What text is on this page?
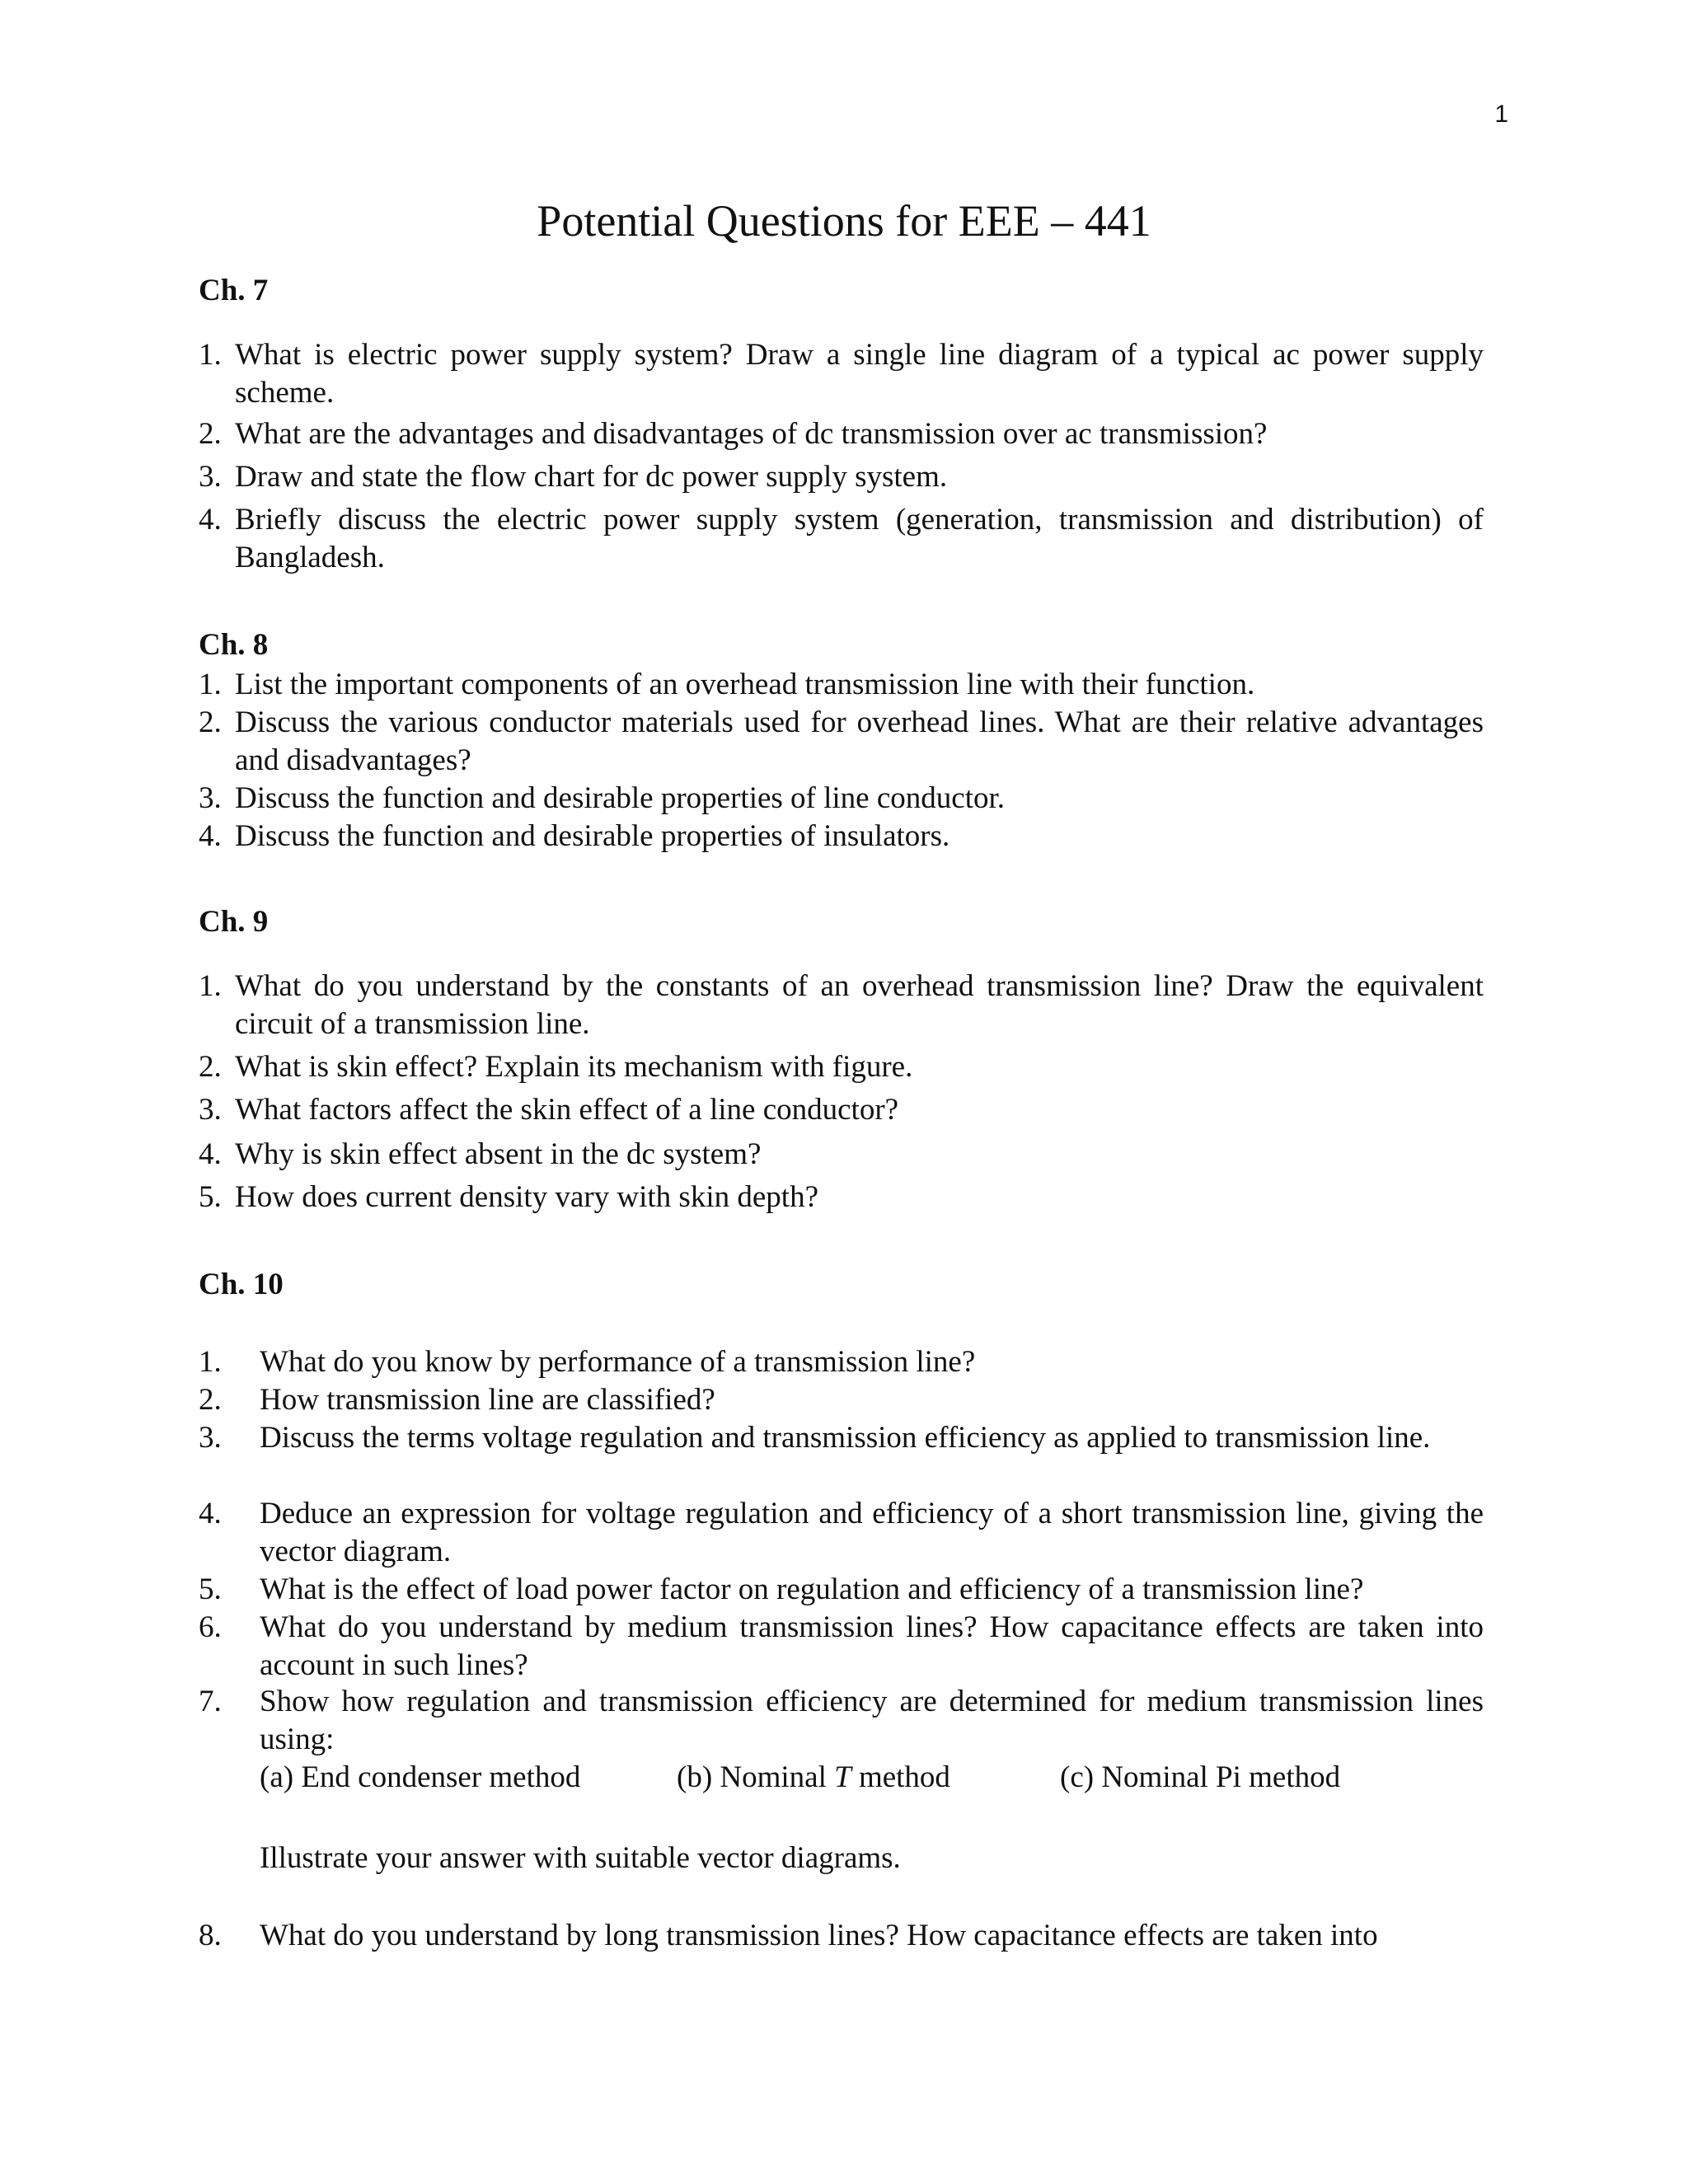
1
Potential Questions for EEE – 441
Ch. 7
1. What is electric power supply system? Draw a single line diagram of a typical ac power supply scheme.
2. What are the advantages and disadvantages of dc transmission over ac transmission?
3. Draw and state the flow chart for dc power supply system.
4. Briefly discuss the electric power supply system (generation, transmission and distribution) of Bangladesh.
Ch. 8
1. List the important components of an overhead transmission line with their function.
2. Discuss the various conductor materials used for overhead lines. What are their relative advantages and disadvantages?
3. Discuss the function and desirable properties of line conductor.
4. Discuss the function and desirable properties of insulators.
Ch. 9
1. What do you understand by the constants of an overhead transmission line? Draw the equivalent circuit of a transmission line.
2. What is skin effect? Explain its mechanism with figure.
3. What factors affect the skin effect of a line conductor?
4. Why is skin effect absent in the dc system?
5. How does current density vary with skin depth?
Ch. 10
1. What do you know by performance of a transmission line?
2. How transmission line are classified?
3. Discuss the terms voltage regulation and transmission efficiency as applied to transmission line.
4. Deduce an expression for voltage regulation and efficiency of a short transmission line, giving the vector diagram.
5. What is the effect of load power factor on regulation and efficiency of a transmission line?
6. What do you understand by medium transmission lines? How capacitance effects are taken into account in such lines?
7. Show how regulation and transmission efficiency are determined for medium transmission lines using:
(a) End condenser method	(b) Nominal T method	(c) Nominal Pi method
Illustrate your answer with suitable vector diagrams.
8. What do you understand by long transmission lines? How capacitance effects are taken into
